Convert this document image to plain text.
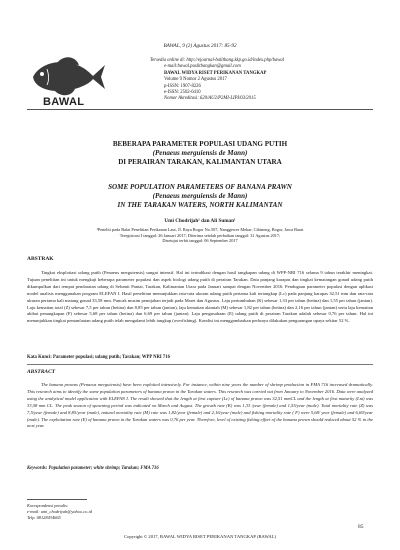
BAWAL, 9 (2) Agustus 2017: 85-92
BAWAL
Tersedia online di: http://ejournal-balitbang.kkp.go.id/index.php/bawal
e-mail:bawal.puslitbangkan@gmail.com
BAWAL WIDYA RISET PERIKANAN TANGKAP
Volume 9 Nomor 2 Agustus 2017
p-ISSN: 1907-8226
e-ISSN: 2502-6410
Nomor Akreditasi: 620/AU2/P2MI-LIPI/03/2015
BEBERAPA PARAMETER POPULASI UDANG PUTIH
(Penaeus merguiensis de Mann)
DI PERAIRAN TARAKAN, KALIMANTAN UTARA
SOME POPULATION PARAMETERS OF BANANA PRAWN
(Penaeus merguiensis de Mann)
IN THE TARAKAN WATERS, NORTH KALIMANTAN
Umi Chodrijah¹ dan Ali Suman¹
¹Peneliti pada Balai Penelitian Perikanan Laut, Jl. Raya Bogor No.507, Nanggewer Mekar, Cibinong, Bogor, Jawa Barat
Teregistrasi I tanggal: 26 Januari 2017; Diterima setelah perbaikan tanggal: 31 Agustus 2017;
Disetujui terbit tanggal: 06 September 2017
ABSTRAK

Tingkat eksploitasi udang putih (Penaeus merguiensis) sangat intensif. Hal ini terindikasi dengan hasil tangkapan udang di WPP-NRI 716 selama 9 tahun terakhir meningkat. Tujuan penelitian ini untuk mengkaji beberapa parameter populasi dan aspek biologi udang putih di perairan Tarakan. Data panjang karapas dan tingkat kematangan gonad udang putih dikumpulkan dari tempat pendaratan udang di Selumit Pantai, Tarakan, Kalimantan Utara pada Januari sampai dengan November 2016. Pendugaan parameter populasi dengan aplikasi model analisis menggunakan program ELEFAN I. Hasil penelitian menunjukkan rata-rata ukuran udang putih pertama kali tertangkap (Lc) pada panjang karapas 32,51 mm dan rata-rata ukuran pertama kali matang gonad 33,58 mm. Puncak musim pemijahan terjadi pada Maret dan Agustus. Laju pertumbuhan (K) sebesar 1,33 per tahun (betina) dan 1,55 per tahun (jantan). Laju kematian total (Z) sebesar 7,5 per tahun (betina) dan 8,85 per tahun (jantan), laju kematian alamiah (M) sebesar 1,82 per tahun (betina) dan 2,16 per tahun (jantan) serta laju kematian akibat penangkapan (F) sebesar 5,68 per tahun (betina) dan 6,69 per tahun (jantan). Laju pengusahaan (E) udang putih di perairan Tarakan adalah sebesar 0,76 per tahun. Hal ini menunjukkan tingkat pemanfaatan udang putih telah mengalami lebih tangkap (overfishing). Kondisi ini menggambarkan perlunya dilakukan pengurangan upaya sekitar 52 %.

Kata Kunci: Parameter populasi; udang putih; Tarakan; WPP NRI 716
ABSTRACT

The banana prawns (Penaeus merguiensis) have been exploited intensively. For instance, within nine years the number of shrimp production in FMA 716 increased dramatically. This research aims to identify the some population parameters of banana prawn in the Tarakan waters. This research was carried out from January to November 2016. Data were analyzed using the analytical model application with ELEFAN I. The result showed that the length at first capture (Lc) of banana prawn was 32,51 mmCL and the length at first maturity (Lm) was 33,58 mm CL. The peak season of spawning period was indicated on March and August. The growth rate (K) was 1,33 /year (female) and 1,55/year (male). Total mortality rate (Z) was 7,5/year (female) and 8,85/year (male), natural mortality rate (M) rate was 1,82/year (female) and 2,16/year (male) and fishing mortality rate ( F) were 5,68/ year (female) and 6,69/year (male). The exploitation rate (E) of banana prawn in the Tarakan waters was 0,76 per year. Therefore, level of existing fishing effort of the banana prawn should reduced about 52 % in the next year.

Keywords: Population parameter; white shrimp; Tarakan; FMA 716
Korespondensi penulis:
e-mail: umi_chodriyah@yahoo.co.id
Telp. 08128434665
85
Copyright © 2017, BAWAL WIDYA RISET PERIKANAN TANGKAP (BAWAL)
